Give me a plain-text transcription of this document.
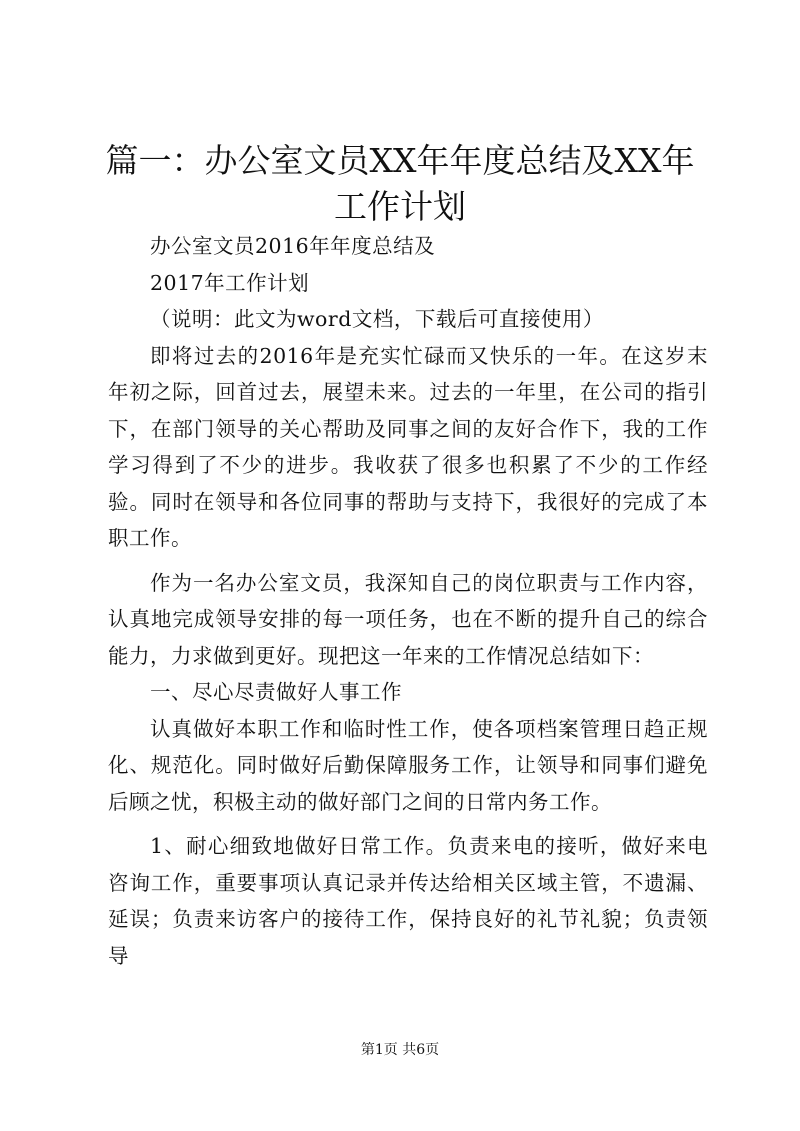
篇一：办公室文员XX年年度总结及XX年工作计划

办公室文员2016年年度总结及

2017年工作计划

（说明：此文为word文档，下载后可直接使用）

即将过去的2016年是充实忙碌而又快乐的一年。在这岁末年初之际，回首过去，展望未来。过去的一年里，在公司的指引下，在部门领导的关心帮助及同事之间的友好合作下，我的工作学习得到了不少的进步。我收获了很多也积累了不少的工作经验。同时在领导和各位同事的帮助与支持下，我很好的完成了本职工作。

作为一名办公室文员，我深知自己的岗位职责与工作内容，认真地完成领导安排的每一项任务，也在不断的提升自己的综合能力，力求做到更好。现把这一年来的工作情况总结如下：

一、尽心尽责做好人事工作

认真做好本职工作和临时性工作，使各项档案管理日趋正规化、规范化。同时做好后勤保障服务工作，让领导和同事们避免后顾之忧，积极主动的做好部门之间的日常内务工作。

1、耐心细致地做好日常工作。负责来电的接听，做好来电咨询工作，重要事项认真记录并传达给相关区域主管，不遗漏、延误；负责来访客户的接待工作，保持良好的礼节礼貌；负责领导

第1页 共6页
